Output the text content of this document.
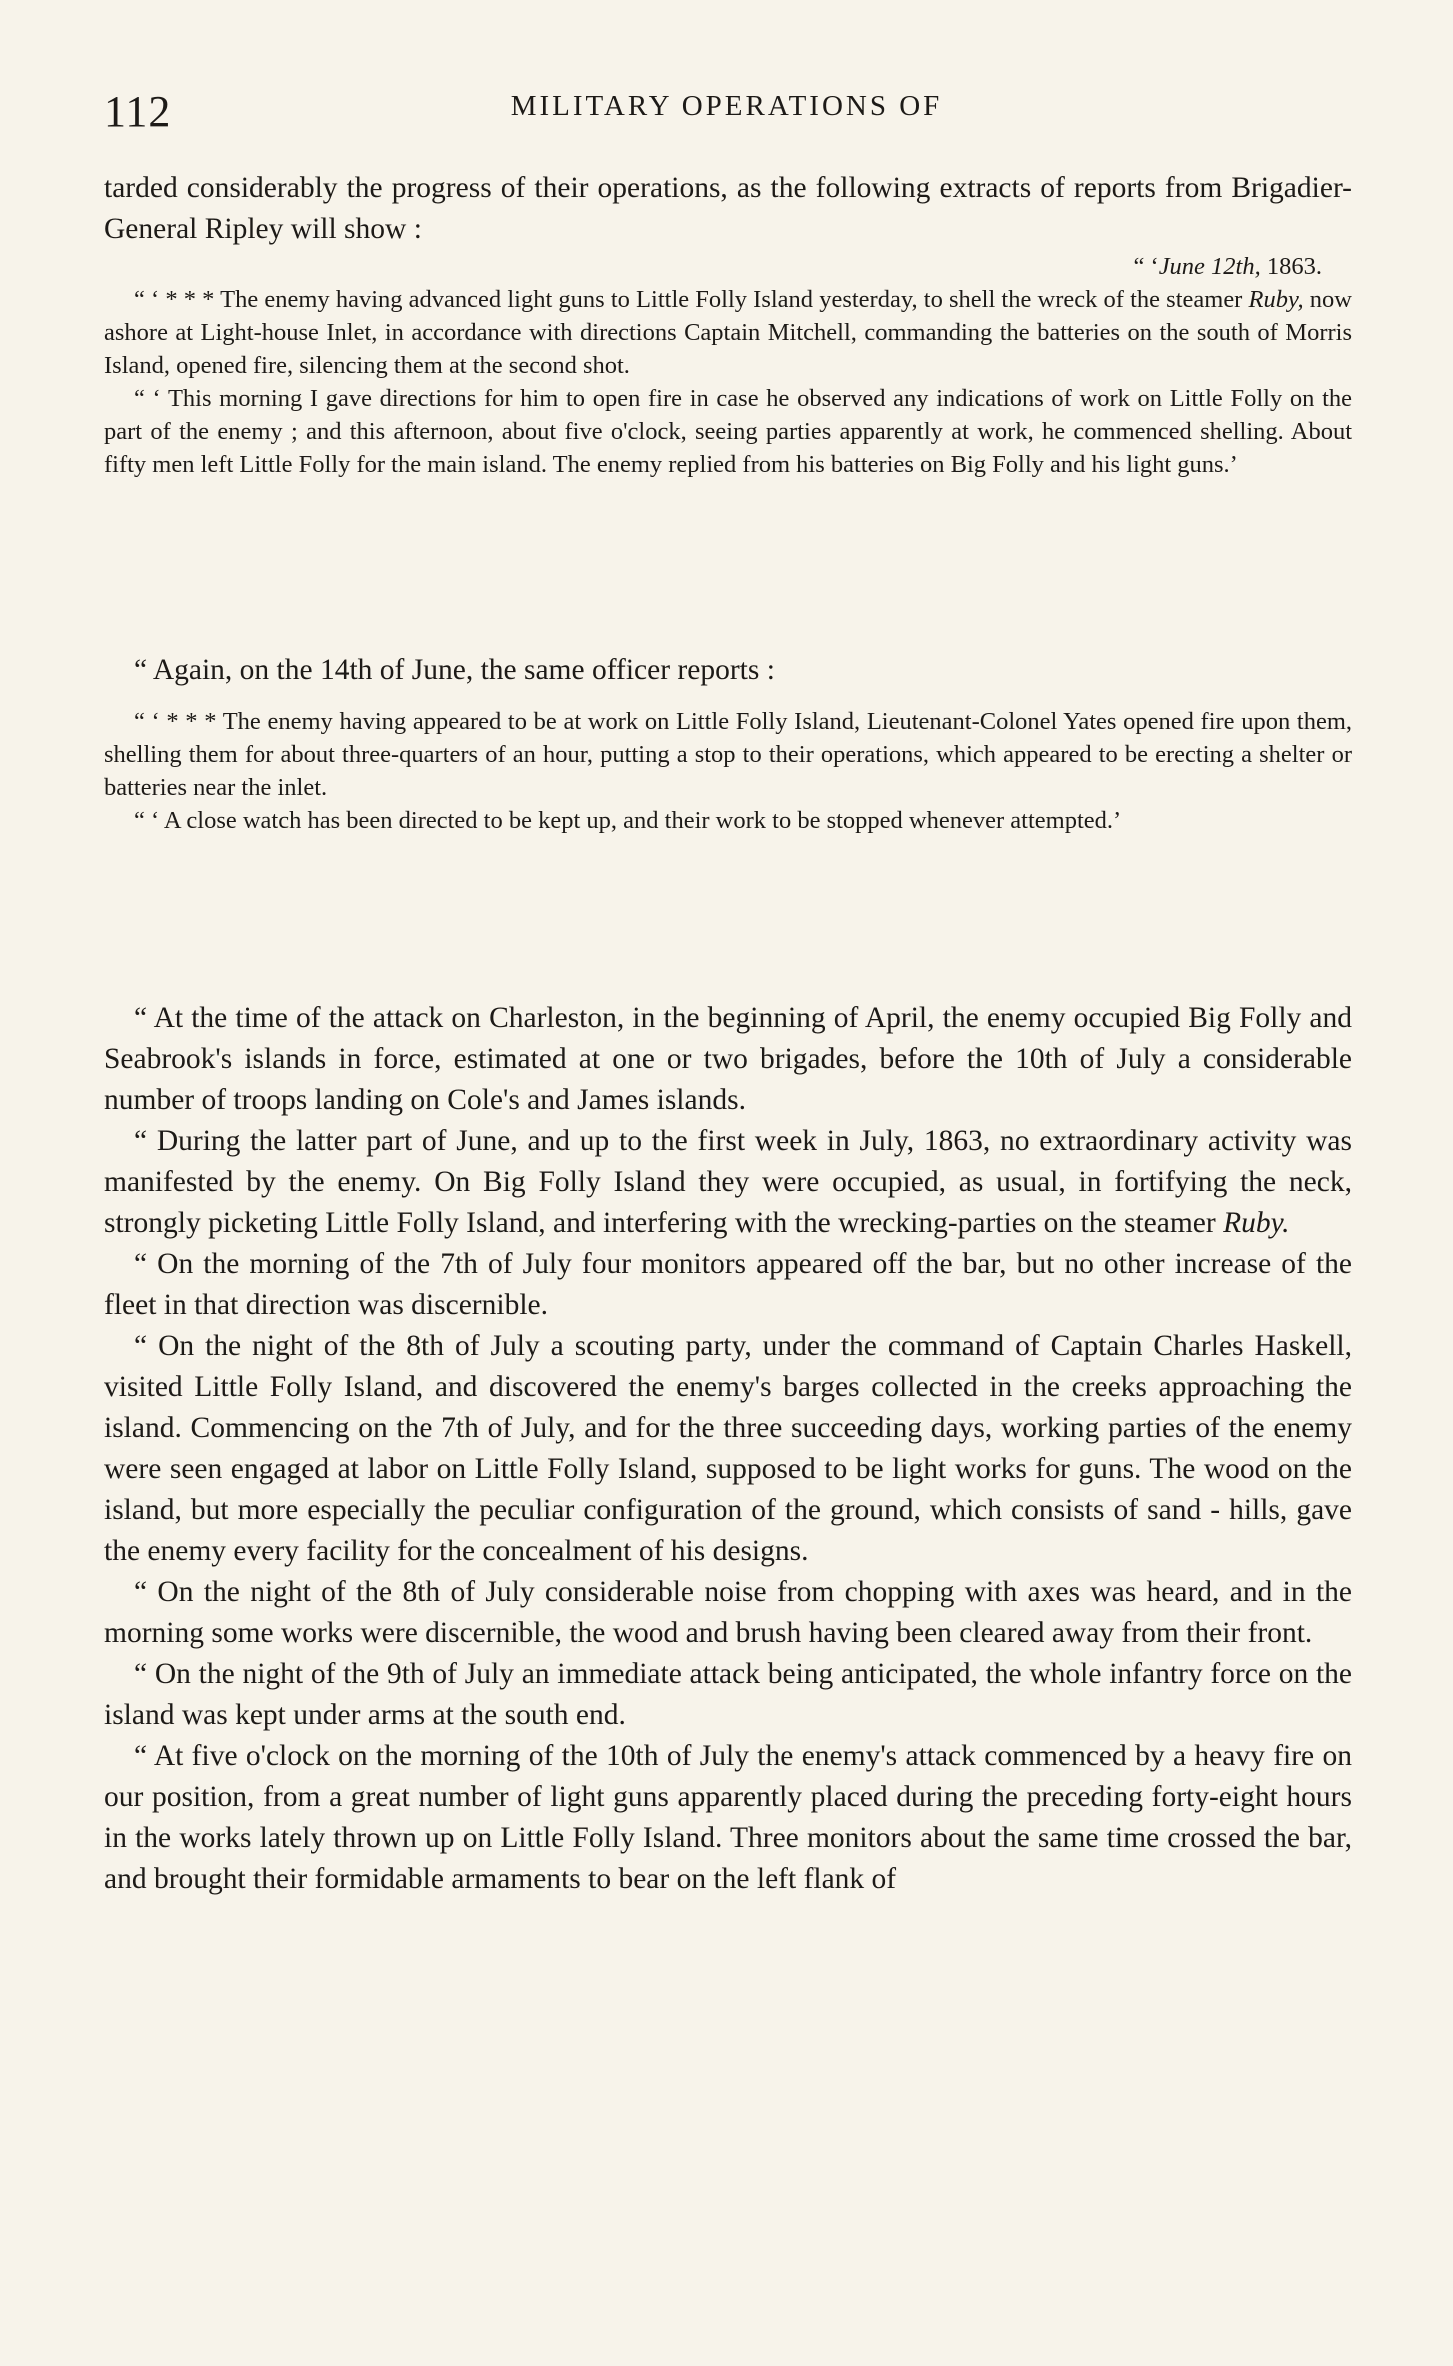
112	MILITARY OPERATIONS OF

tarded considerably the progress of their operations, as the following extracts of reports from Brigadier-General Ripley will show :

“ ‘June 12th, 1863.

“ ‘ * * * The enemy having advanced light guns to Little Folly Island yesterday, to shell the wreck of the steamer Ruby, now ashore at Light-house Inlet, in accordance with directions Captain Mitchell, commanding the batteries on the south of Morris Island, opened fire, silencing them at the second shot.

“ ‘ This morning I gave directions for him to open fire in case he observed any indications of work on Little Folly on the part of the enemy ; and this afternoon, about five o'clock, seeing parties apparently at work, he commenced shelling. About fifty men left Little Folly for the main island. The enemy replied from his batteries on Big Folly and his light guns.’

“ Again, on the 14th of June, the same officer reports :

“ ‘ * * * The enemy having appeared to be at work on Little Folly Island, Lieutenant-Colonel Yates opened fire upon them, shelling them for about three-quarters of an hour, putting a stop to their operations, which appeared to be erecting a shelter or batteries near the inlet.

“ ‘ A close watch has been directed to be kept up, and their work to be stopped whenever attempted.’

“ At the time of the attack on Charleston, in the beginning of April, the enemy occupied Big Folly and Seabrook's islands in force, estimated at one or two brigades, before the 10th of July a considerable number of troops landing on Cole's and James islands.

“ During the latter part of June, and up to the first week in July, 1863, no extraordinary activity was manifested by the enemy. On Big Folly Island they were occupied, as usual, in fortifying the neck, strongly picketing Little Folly Island, and interfering with the wrecking-parties on the steamer Ruby.

“ On the morning of the 7th of July four monitors appeared off the bar, but no other increase of the fleet in that direction was discernible.

“ On the night of the 8th of July a scouting party, under the command of Captain Charles Haskell, visited Little Folly Island, and discovered the enemy's barges collected in the creeks approaching the island. Commencing on the 7th of July, and for the three succeeding days, working parties of the enemy were seen engaged at labor on Little Folly Island, supposed to be light works for guns. The wood on the island, but more especially the peculiar configuration of the ground, which consists of sand - hills, gave the enemy every facility for the concealment of his designs.

“ On the night of the 8th of July considerable noise from chopping with axes was heard, and in the morning some works were discernible, the wood and brush having been cleared away from their front.

“ On the night of the 9th of July an immediate attack being anticipated, the whole infantry force on the island was kept under arms at the south end.

“ At five o'clock on the morning of the 10th of July the enemy's attack commenced by a heavy fire on our position, from a great number of light guns apparently placed during the preceding forty-eight hours in the works lately thrown up on Little Folly Island. Three monitors about the same time crossed the bar, and brought their formidable armaments to bear on the left flank of
